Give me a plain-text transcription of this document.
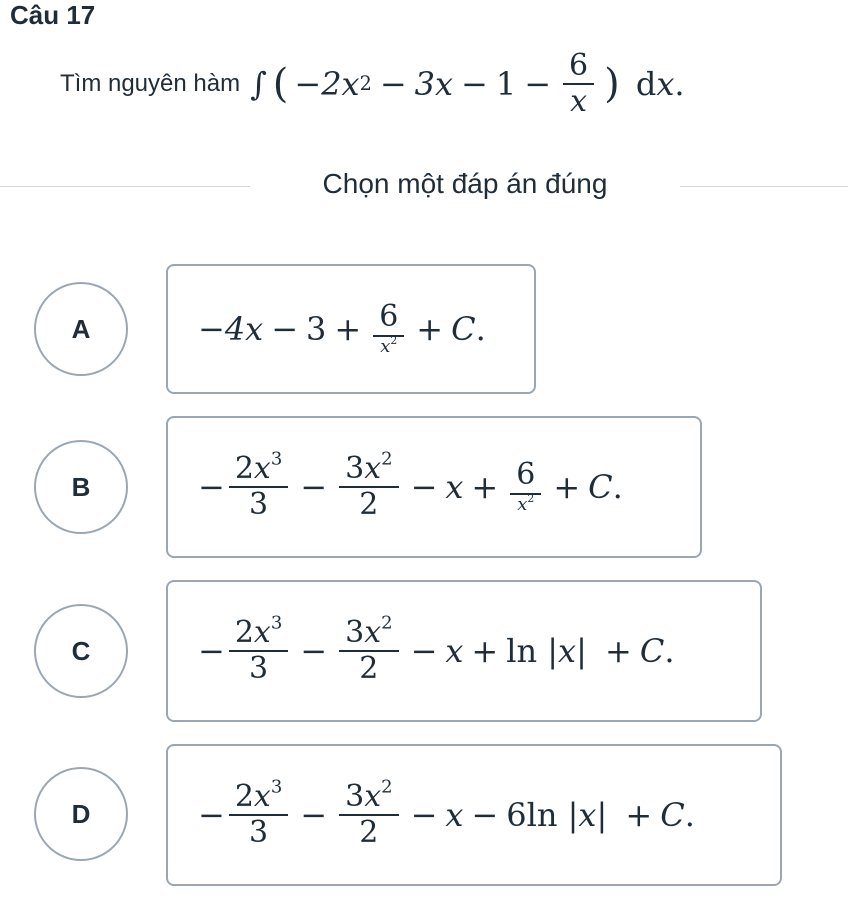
Câu 17
Tìm nguyên hàm ∫ ( − 2x $2 - 3x - 1 - \frac{6}{x}$ )
d x .
Chọn một đáp án đúng
A	− $4x - 3 + \frac{6}{x^2} + C$ .
B	− $\frac{2x^3}{3} - \frac{3x^2}{2} - x + \frac{6}{x^2} + C$ .
C	− $\frac{2x^3}{3} - \frac{3x^2}{2} - x + \ln$ | x | + C .
D	− $\frac{2x^3}{3} - \frac{3x^2}{2} - x - 6\ln$ | x | + C .
